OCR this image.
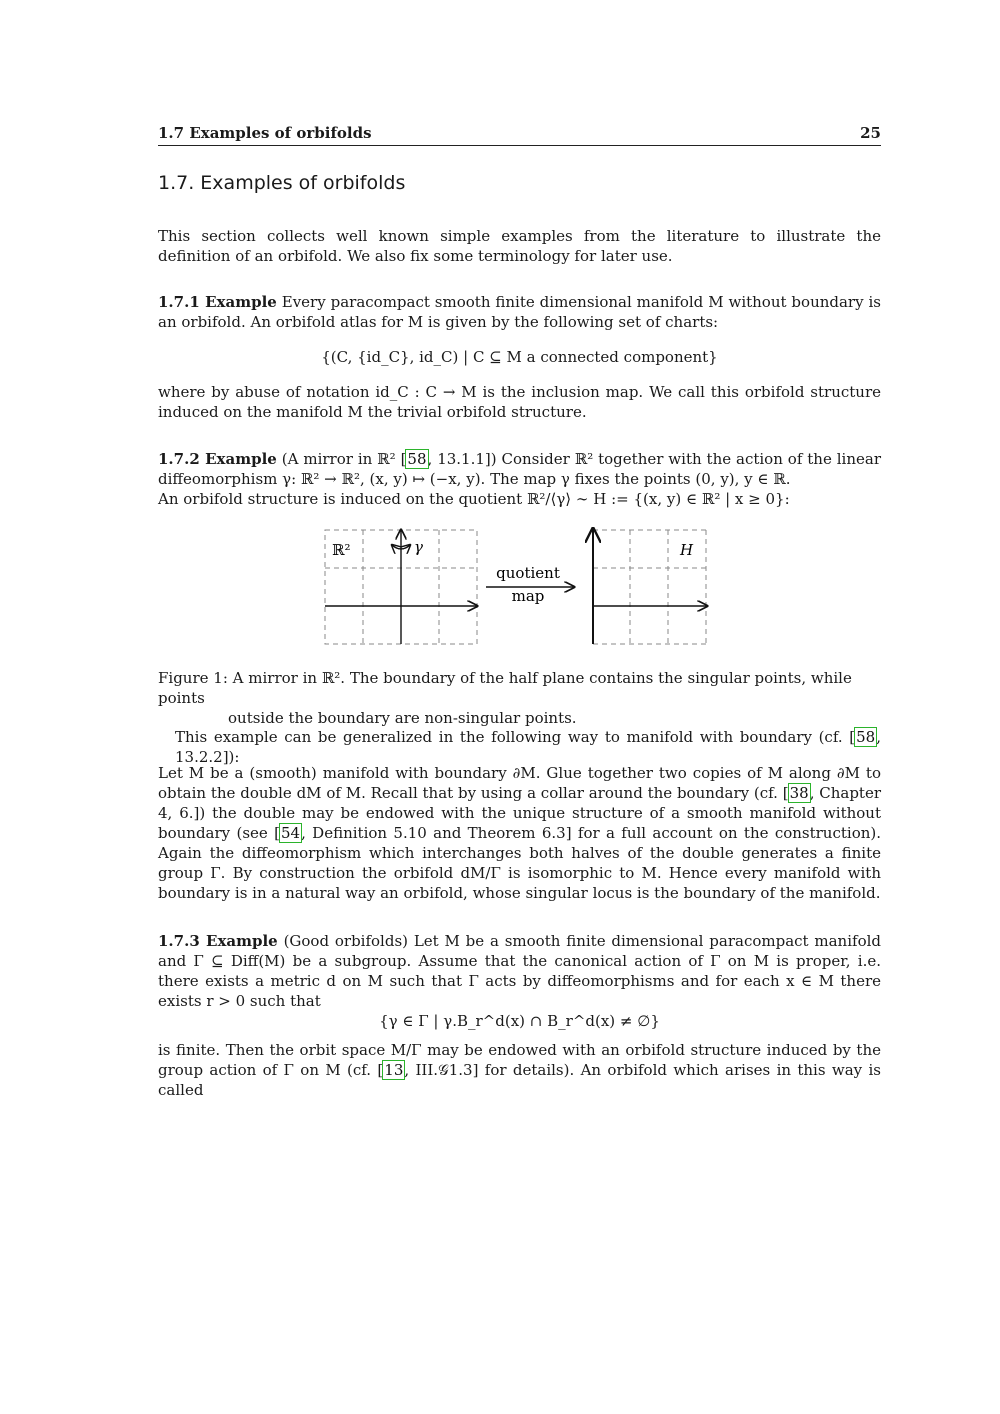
1.7 Examples of orbifolds	25
1.7. Examples of orbifolds

This section collects well known simple examples from the literature to illustrate the definition of an orbifold. We also fix some terminology for later use.

1.7.1 Example Every paracompact smooth finite dimensional manifold M without boundary is an orbifold. An orbifold atlas for M is given by the following set of charts:

{(C, {id_C}, id_C) | C ⊆ M a connected component}

where by abuse of notation id_C : C → M is the inclusion map. We call this orbifold structure induced on the manifold M the trivial orbifold structure.

1.7.2 Example (A mirror in ℝ² [58, 13.1.1]) Consider ℝ² together with the action of the linear diffeomorphism γ: ℝ² → ℝ², (x, y) ↦ (−x, y). The map γ fixes the points (0, y), y ∈ ℝ.
An orbifold structure is induced on the quotient ℝ²/⟨γ⟩ ∼ H := {(x, y) ∈ ℝ² | x ≥ 0}:

ℝ²	γ
quotient
map
H
Figure 1: A mirror in ℝ². The boundary of the half plane contains the singular points, while points
outside the boundary are non-singular points.

This example can be generalized in the following way to manifold with boundary (cf. [58, 13.2.2]):

Let M be a (smooth) manifold with boundary ∂M. Glue together two copies of M along ∂M to obtain the double dM of M. Recall that by using a collar around the boundary (cf. [38, Chapter 4, 6.]) the double may be endowed with the unique structure of a smooth manifold without boundary (see [54, Definition 5.10 and Theorem 6.3] for a full account on the construction). Again the diffeomorphism which interchanges both halves of the double generates a finite group Γ. By construction the orbifold dM/Γ is isomorphic to M. Hence every manifold with boundary is in a natural way an orbifold, whose singular locus is the boundary of the manifold.

1.7.3 Example (Good orbifolds) Let M be a smooth finite dimensional paracompact manifold and Γ ⊆ Diff(M) be a subgroup. Assume that the canonical action of Γ on M is proper, i.e. there exists a metric d on M such that Γ acts by diffeomorphisms and for each x ∈ M there exists r > 0 such that

{γ ∈ Γ | γ.B_r^d(x) ∩ B_r^d(x) ≠ ∅}

is finite. Then the orbit space M/Γ may be endowed with an orbifold structure induced by the group action of Γ on M (cf. [13, III.𝒢1.3] for details). An orbifold which arises in this way is called
